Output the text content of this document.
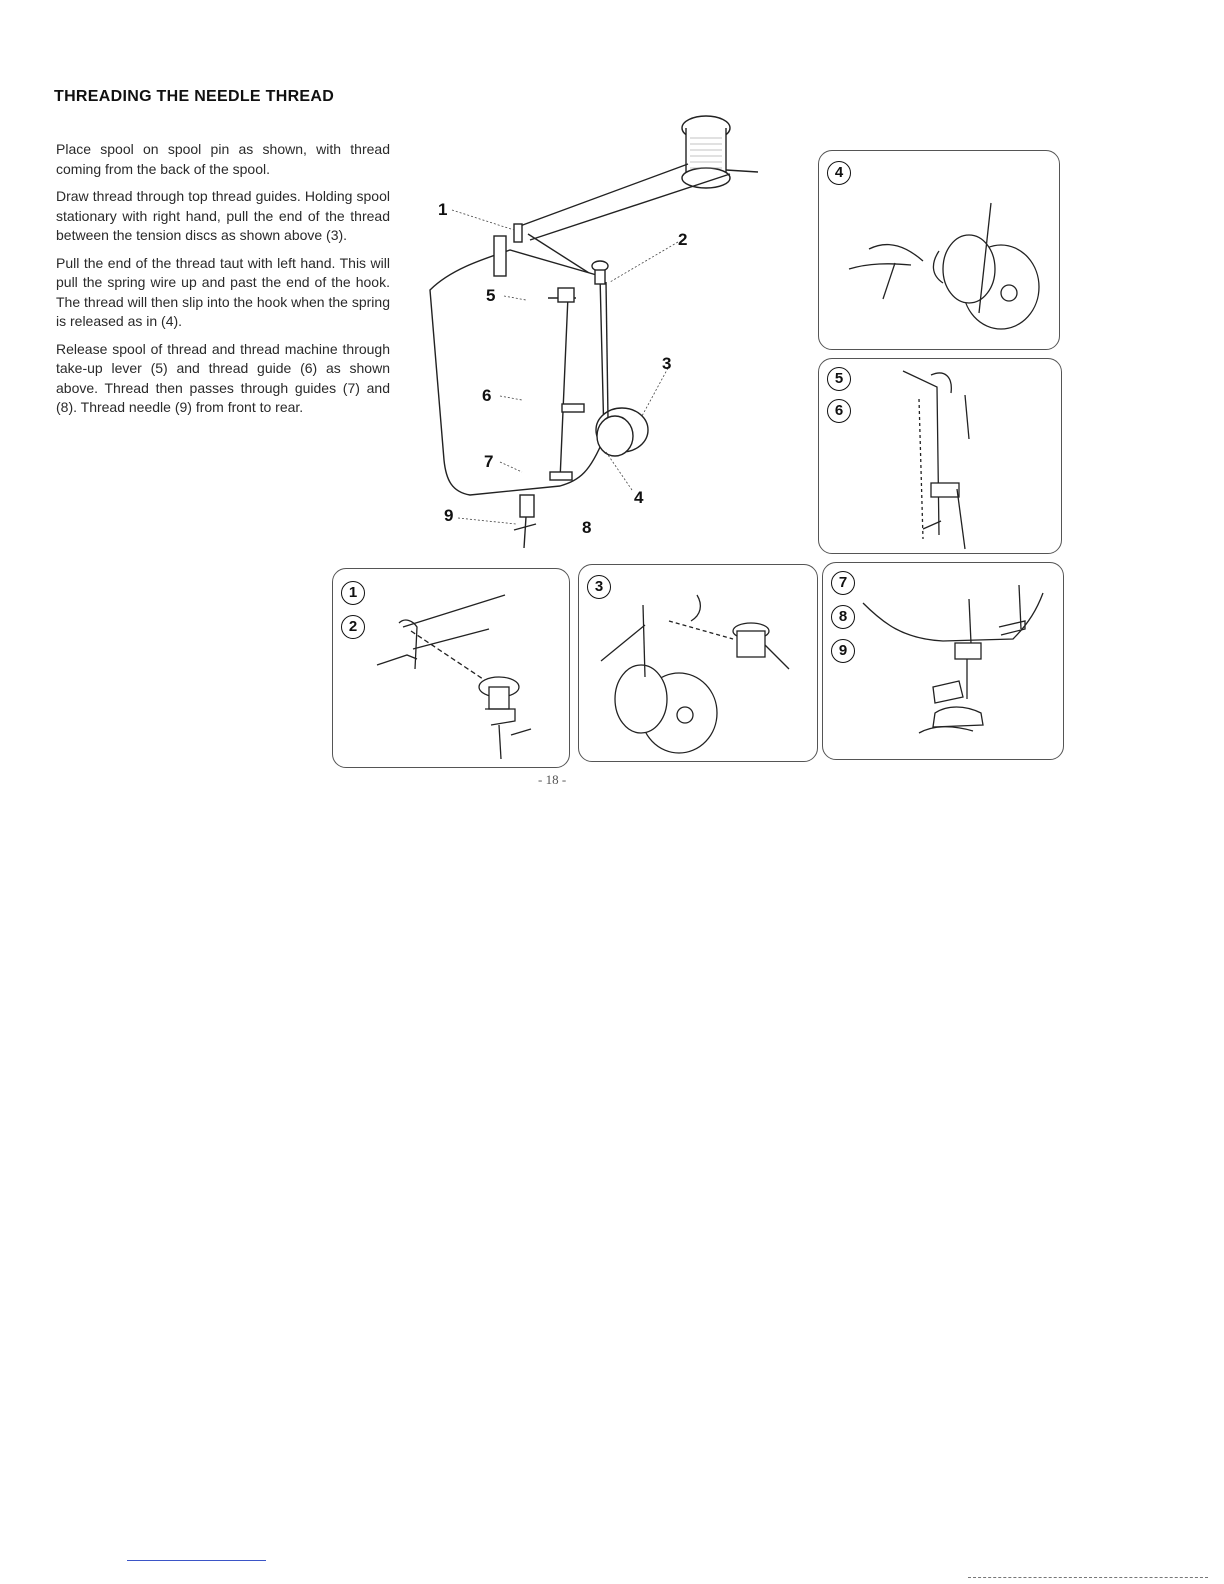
THREADING THE NEEDLE THREAD

Place spool on spool pin as shown, with thread coming from the back of the spool.

Draw thread through top thread guides. Holding spool stationary with right hand, pull the end of the thread between the tension discs as shown above (3).

Pull the end of the thread taut with left hand. This will pull the spring wire up and past the end of the hook. The thread will then slip into the hook when the spring is released as in (4).

Release spool of thread and thread machine through take-up lever (5) and thread guide (6) as shown above. Thread then passes through guides (7) and (8). Thread needle (9) from front to rear.

1
2
3
4
5
6
7
8
9
4
5
6
1
2
3	7
8
9
- 18 -
